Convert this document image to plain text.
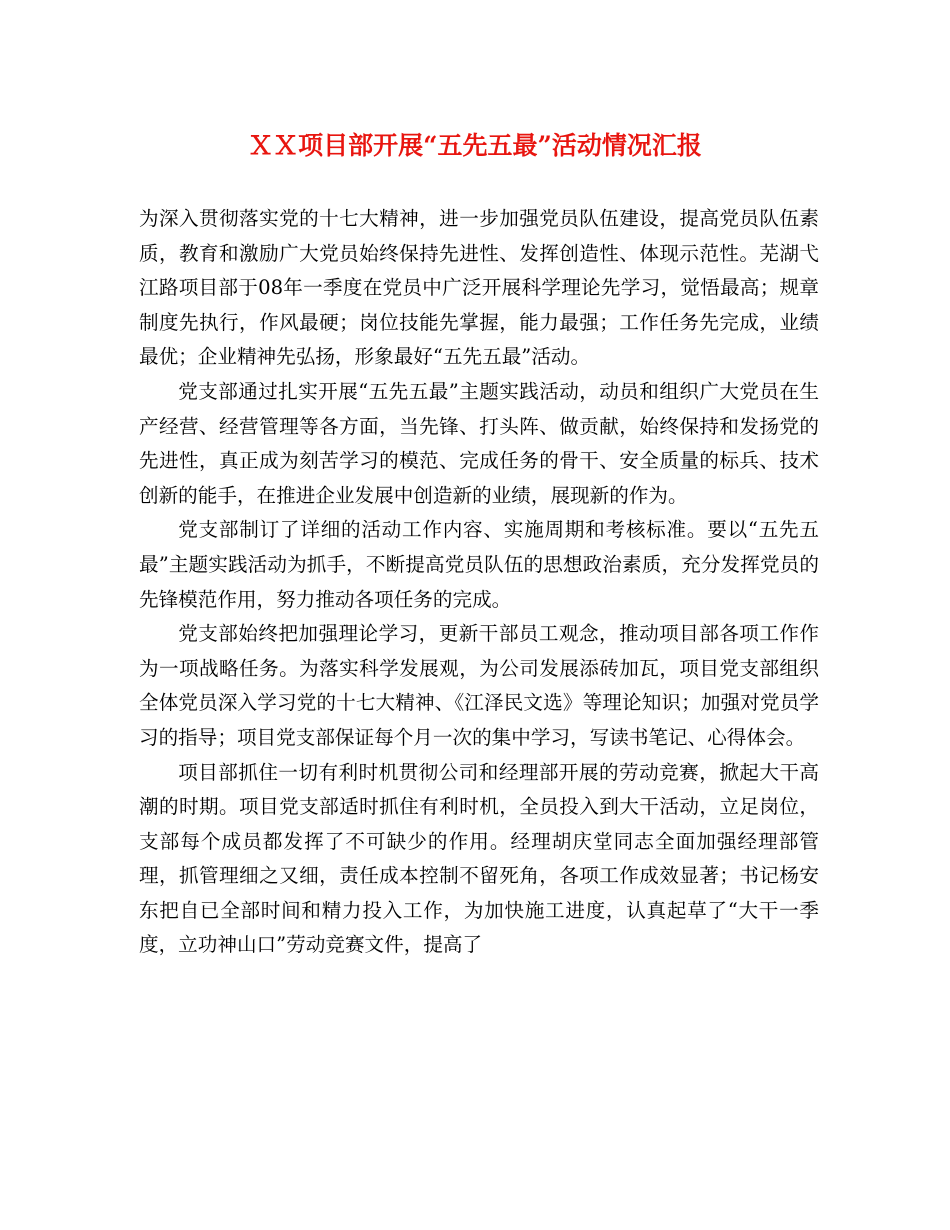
ＸＸ项目部开展“五先五最”活动情况汇报

为深入贯彻落实党的十七大精神，进一步加强党员队伍建设，提高党员队伍素质，教育和激励广大党员始终保持先进性、发挥创造性、体现示范性。芜湖弋江路项目部于08年一季度在党员中广泛开展科学理论先学习，觉悟最高；规章制度先执行，作风最硬；岗位技能先掌握，能力最强；工作任务先完成，业绩最优；企业精神先弘扬，形象最好“五先五最”活动。

党支部通过扎实开展“五先五最”主题实践活动，动员和组织广大党员在生产经营、经营管理等各方面，当先锋、打头阵、做贡献，始终保持和发扬党的先进性，真正成为刻苦学习的模范、完成任务的骨干、安全质量的标兵、技术创新的能手，在推进企业发展中创造新的业绩，展现新的作为。

党支部制订了详细的活动工作内容、实施周期和考核标准。要以“五先五最”主题实践活动为抓手，不断提高党员队伍的思想政治素质，充分发挥党员的先锋模范作用，努力推动各项任务的完成。

党支部始终把加强理论学习，更新干部员工观念，推动项目部各项工作作为一项战略任务。为落实科学发展观，为公司发展添砖加瓦，项目党支部组织全体党员深入学习党的十七大精神、《江泽民文选》等理论知识；加强对党员学习的指导；项目党支部保证每个月一次的集中学习，写读书笔记、心得体会。

项目部抓住一切有利时机贯彻公司和经理部开展的劳动竞赛，掀起大干高潮的时期。项目党支部适时抓住有利时机，全员投入到大干活动，立足岗位，支部每个成员都发挥了不可缺少的作用。经理胡庆堂同志全面加强经理部管理，抓管理细之又细，责任成本控制不留死角，各项工作成效显著；书记杨安东把自已全部时间和精力投入工作，为加快施工进度，认真起草了“大干一季度，立功神山口”劳动竞赛文件，提高了
